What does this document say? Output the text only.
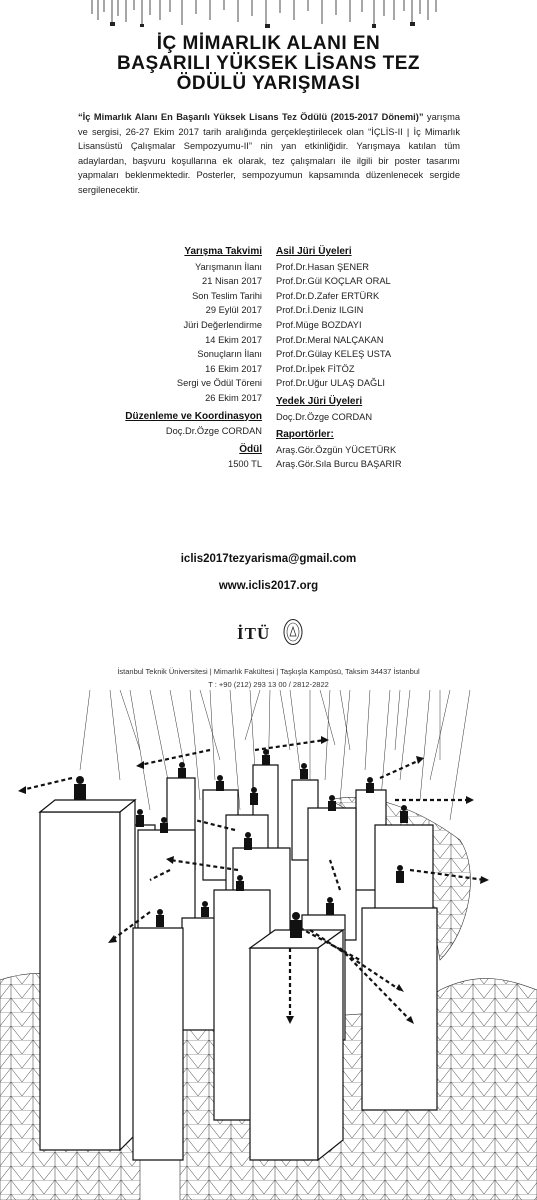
İÇ MİMARLIK ALANI EN
BAŞARILI YÜKSEK LİSANS TEZ
ÖDÜLÜ YARIŞMASI
“İç Mimarlık Alanı En Başarılı Yüksek Lisans Tez Ödülü (2015-2017 Dönemi)” yarışma ve sergisi, 26-27 Ekim 2017 tarih aralığında gerçekleştirilecek olan “İÇLİS-II | İç Mimarlık Lisansüstü Çalışmalar Sempozyumu-II” nin yan etkinliğidir. Yarışmaya katılan tüm adaylardan, başvuru koşullarına ek olarak, tez çalışmaları ile ilgili bir poster tasarımı yapmaları beklenmektedir. Posterler, sempozyumun kapsamında düzenlenecek sergide sergilenecektir.
Yarışma Takvimi
Yarışmanın İlanı
21 Nisan 2017
Son Teslim Tarihi
29 Eylül 2017
Jüri Değerlendirme
14 Ekim 2017
Sonuçların İlanı
16 Ekim 2017
Sergi ve Ödül Töreni
26 Ekim 2017
Düzenleme ve Koordinasyon
Doç.Dr.Özge CORDAN
Ödül
1500 TL
Asil Jüri Üyeleri
Prof.Dr.Hasan ŞENER
Prof.Dr.Gül KOÇLAR ORAL
Prof.Dr.D.Zafer ERTÜRK
Prof.Dr.İ.Deniz ILGIN
Prof.Müge BOZDAYI
Prof.Dr.Meral NALÇAKAN
Prof.Dr.Gülay KELEŞ USTA
Prof.Dr.İpek FİTÖZ
Prof.Dr.Uğur ULAŞ DAĞLI
Yedek Jüri Üyeleri
Doç.Dr.Özge CORDAN
Raportörler:
Araş.Gör.Özgün YÜCETÜRK
Araş.Gör.Sıla Burcu BAŞARIR
iclis2017tezyarisma@gmail.com
www.iclis2017.org
İTÜ
İstanbul Teknik Üniversitesi | Mimarlık Fakültesi | Taşkışla Kampüsü, Taksim 34437 İstanbul
T : +90 (212) 293 13 00 / 2812-2822
